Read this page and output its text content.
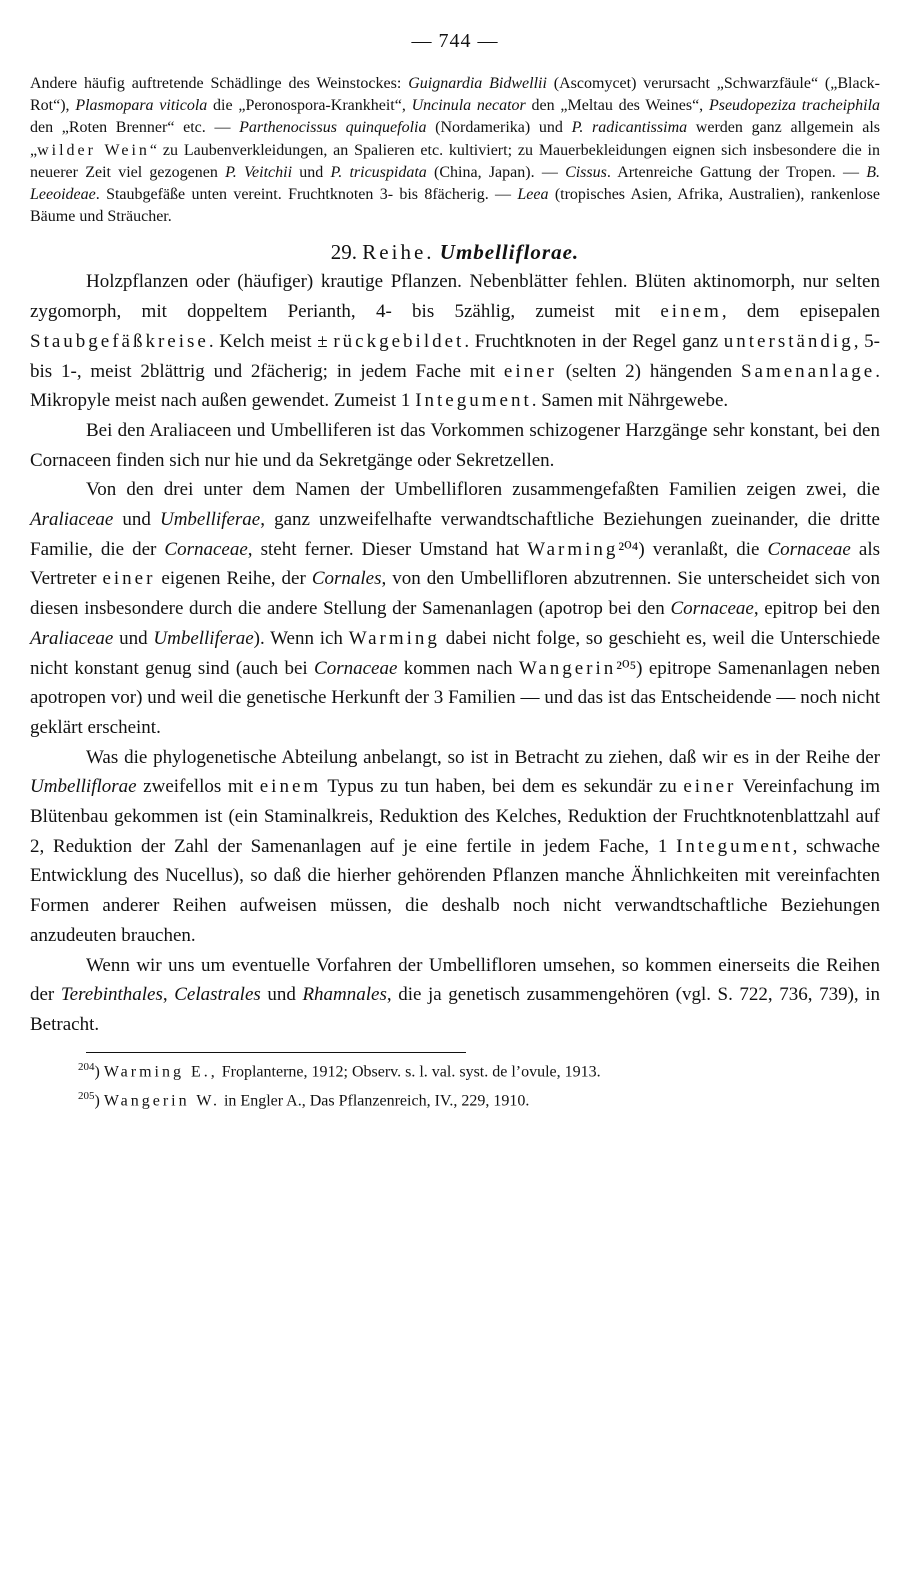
— 744 —

Andere häufig auftretende Schädlinge des Weinstockes: Guignardia Bidwellii (Ascomycet) verursacht „Schwarzfäule“ („Black-Rot“), Plasmopara viticola die „Peronospora-Krankheit“, Uncinula necator den „Meltau des Weines“, Pseudopeziza tracheiphila den „Roten Brenner“ etc. — Parthenocissus quinquefolia (Nordamerika) und P. radicantissima werden ganz allgemein als „wilder Wein“ zu Laubenverkleidungen, an Spalieren etc. kultiviert; zu Mauerbekleidungen eignen sich insbesondere die in neuerer Zeit viel gezogenen P. Veitchii und P. tricuspidata (China, Japan). — Cissus. Artenreiche Gattung der Tropen. — B. Leeoideae. Staubgefäße unten vereint. Fruchtknoten 3- bis 8fächerig. — Leea (tropisches Asien, Afrika, Australien), rankenlose Bäume und Sträucher.

29. Reihe. Umbelliflorae.

Holzpflanzen oder (häufiger) krautige Pflanzen. Nebenblätter fehlen. Blüten aktinomorph, nur selten zygomorph, mit doppeltem Perianth, 4- bis 5zählig, zumeist mit einem, dem episepalen Staubgefäßkreise. Kelch meist ± rückgebildet. Fruchtknoten in der Regel ganz unterständig, 5- bis 1-, meist 2blättrig und 2fächerig; in jedem Fache mit einer (selten 2) hängenden Samenanlage. Mikropyle meist nach außen gewendet. Zumeist 1 Integument. Samen mit Nährgewebe.

Bei den Araliaceen und Umbelliferen ist das Vorkommen schizogener Harzgänge sehr konstant, bei den Cornaceen finden sich nur hie und da Sekretgänge oder Sekretzellen.

Von den drei unter dem Namen der Umbellifloren zusammengefaßten Familien zeigen zwei, die Araliaceae und Umbelliferae, ganz unzweifelhafte verwandtschaftliche Beziehungen zueinander, die dritte Familie, die der Cornaceae, steht ferner. Dieser Umstand hat Warming²⁰⁴) veranlaßt, die Cornaceae als Vertreter einer eigenen Reihe, der Cornales, von den Umbellifloren abzutrennen. Sie unterscheidet sich von diesen insbesondere durch die andere Stellung der Samenanlagen (apotrop bei den Cornaceae, epitrop bei den Araliaceae und Umbelliferae). Wenn ich Warming dabei nicht folge, so geschieht es, weil die Unterschiede nicht konstant genug sind (auch bei Cornaceae kommen nach Wangerin²⁰⁵) epitrope Samenanlagen neben apotropen vor) und weil die genetische Herkunft der 3 Familien — und das ist das Entscheidende — noch nicht geklärt erscheint.

Was die phylogenetische Abteilung anbelangt, so ist in Betracht zu ziehen, daß wir es in der Reihe der Umbelliflorae zweifellos mit einem Typus zu tun haben, bei dem es sekundär zu einer Vereinfachung im Blütenbau gekommen ist (ein Staminalkreis, Reduktion des Kelches, Reduktion der Fruchtknotenblattzahl auf 2, Reduktion der Zahl der Samenanlagen auf je eine fertile in jedem Fache, 1 Integument, schwache Entwicklung des Nucellus), so daß die hierher gehörenden Pflanzen manche Ähnlichkeiten mit vereinfachten Formen anderer Reihen aufweisen müssen, die deshalb noch nicht verwandtschaftliche Beziehungen anzudeuten brauchen.

Wenn wir uns um eventuelle Vorfahren der Umbellifloren umsehen, so kommen einerseits die Reihen der Terebinthales, Celastrales und Rhamnales, die ja genetisch zusammengehören (vgl. S. 722, 736, 739), in Betracht.

$^{204}$) Warming E., Froplanterne, 1912; Observ. s. l. val. syst. de l’ovule, 1913.
$^{205}$) Wangerin W. in Engler A., Das Pflanzenreich, IV., 229, 1910.
